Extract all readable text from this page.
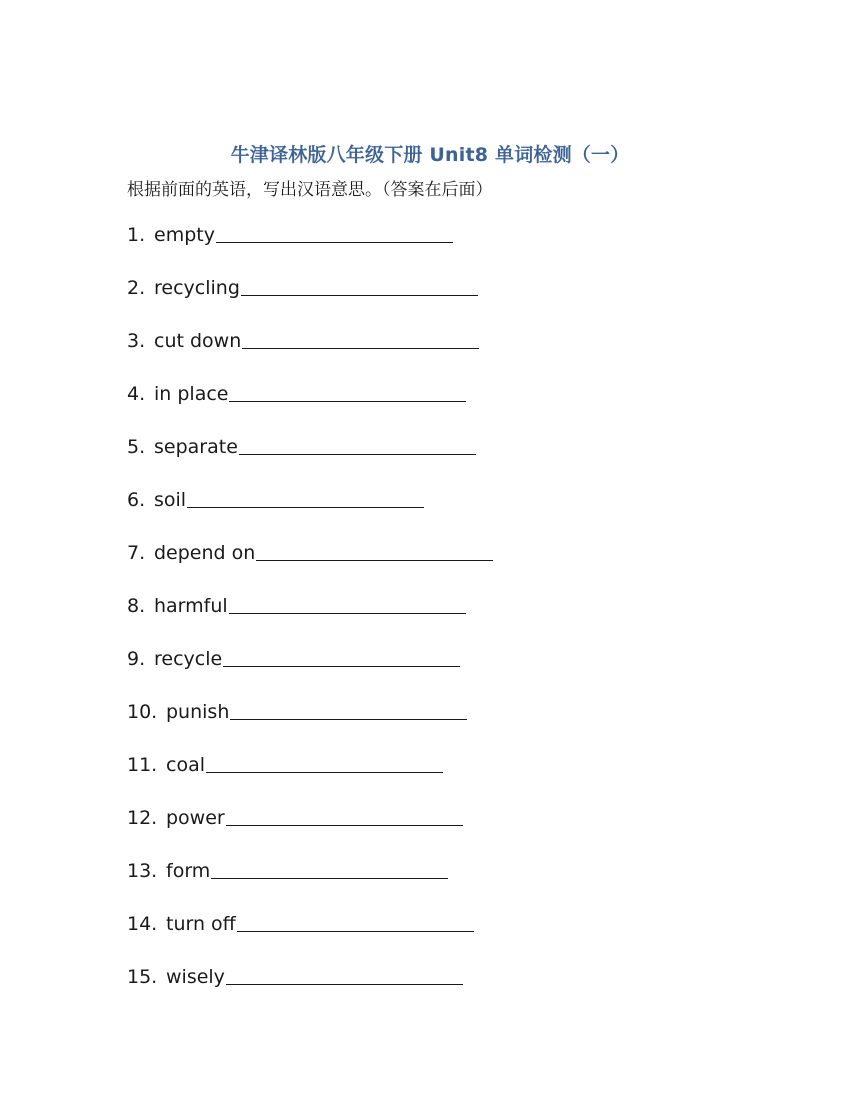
牛津译林版八年级下册 Unit8 单词检测（一）
根据前面的英语，写出汉语意思。（答案在后面）
1. empty
2. recycling
3. cut down
4. in place
5. separate
6. soil
7. depend on
8. harmful
9. recycle
10. punish
11. coal
12. power
13. form
14. turn off
15. wisely
